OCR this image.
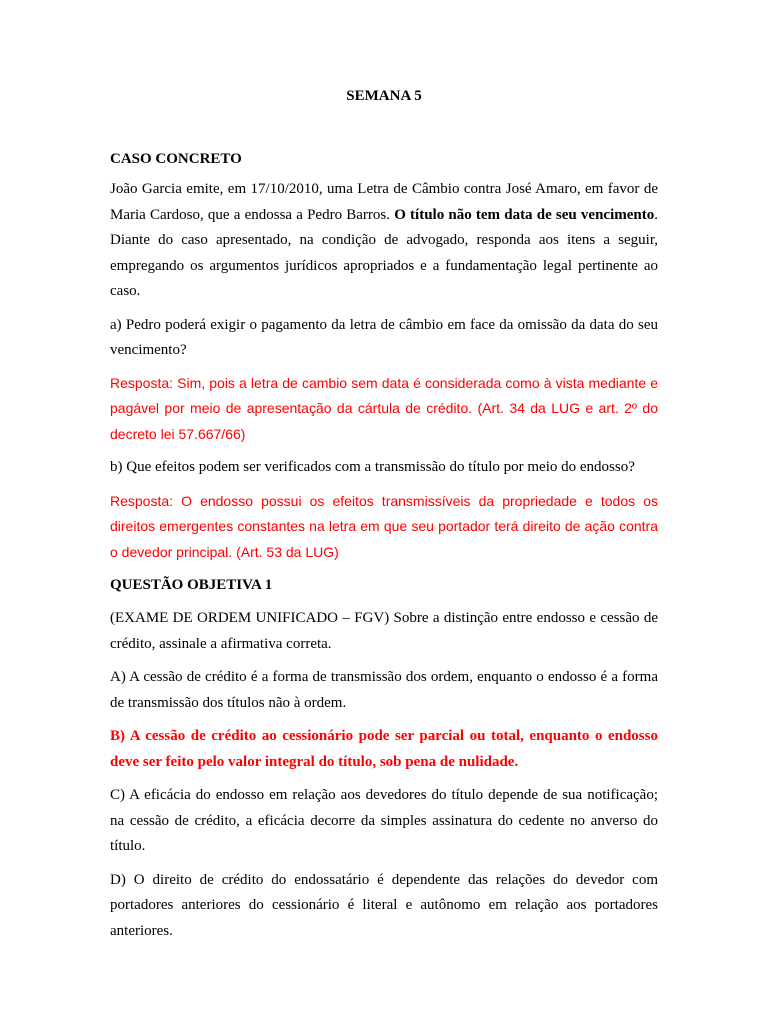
SEMANA 5

CASO CONCRETO

João Garcia emite, em 17/10/2010, uma Letra de Câmbio contra José Amaro, em favor de Maria Cardoso, que a endossa a Pedro Barros. O título não tem data de seu vencimento. Diante do caso apresentado, na condição de advogado, responda aos itens a seguir, empregando os argumentos jurídicos apropriados e a fundamentação legal pertinente ao caso.

a) Pedro poderá exigir o pagamento da letra de câmbio em face da omissão da data do seu vencimento?

Resposta: Sim, pois a letra de cambio sem data é considerada como à vista mediante e pagável por meio de apresentação da cártula de crédito. (Art. 34 da LUG e art. 2º do decreto lei 57.667/66)

b) Que efeitos podem ser verificados com a transmissão do título por meio do endosso?

Resposta: O endosso possui os efeitos transmissíveis da propriedade e todos os direitos emergentes constantes na letra em que seu portador terá direito de ação contra o devedor principal. (Art. 53 da LUG)

QUESTÃO OBJETIVA 1

(EXAME DE ORDEM UNIFICADO – FGV) Sobre a distinção entre endosso e cessão de crédito, assinale a afirmativa correta.

A) A cessão de crédito é a forma de transmissão dos ordem, enquanto o endosso é a forma de transmissão dos títulos não à ordem.

B) A cessão de crédito ao cessionário pode ser parcial ou total, enquanto o endosso deve ser feito pelo valor integral do título, sob pena de nulidade.

C) A eficácia do endosso em relação aos devedores do título depende de sua notificação; na cessão de crédito, a eficácia decorre da simples assinatura do cedente no anverso do título.

D) O direito de crédito do endossatário é dependente das relações do devedor com portadores anteriores do cessionário é literal e autônomo em relação aos portadores anteriores.
